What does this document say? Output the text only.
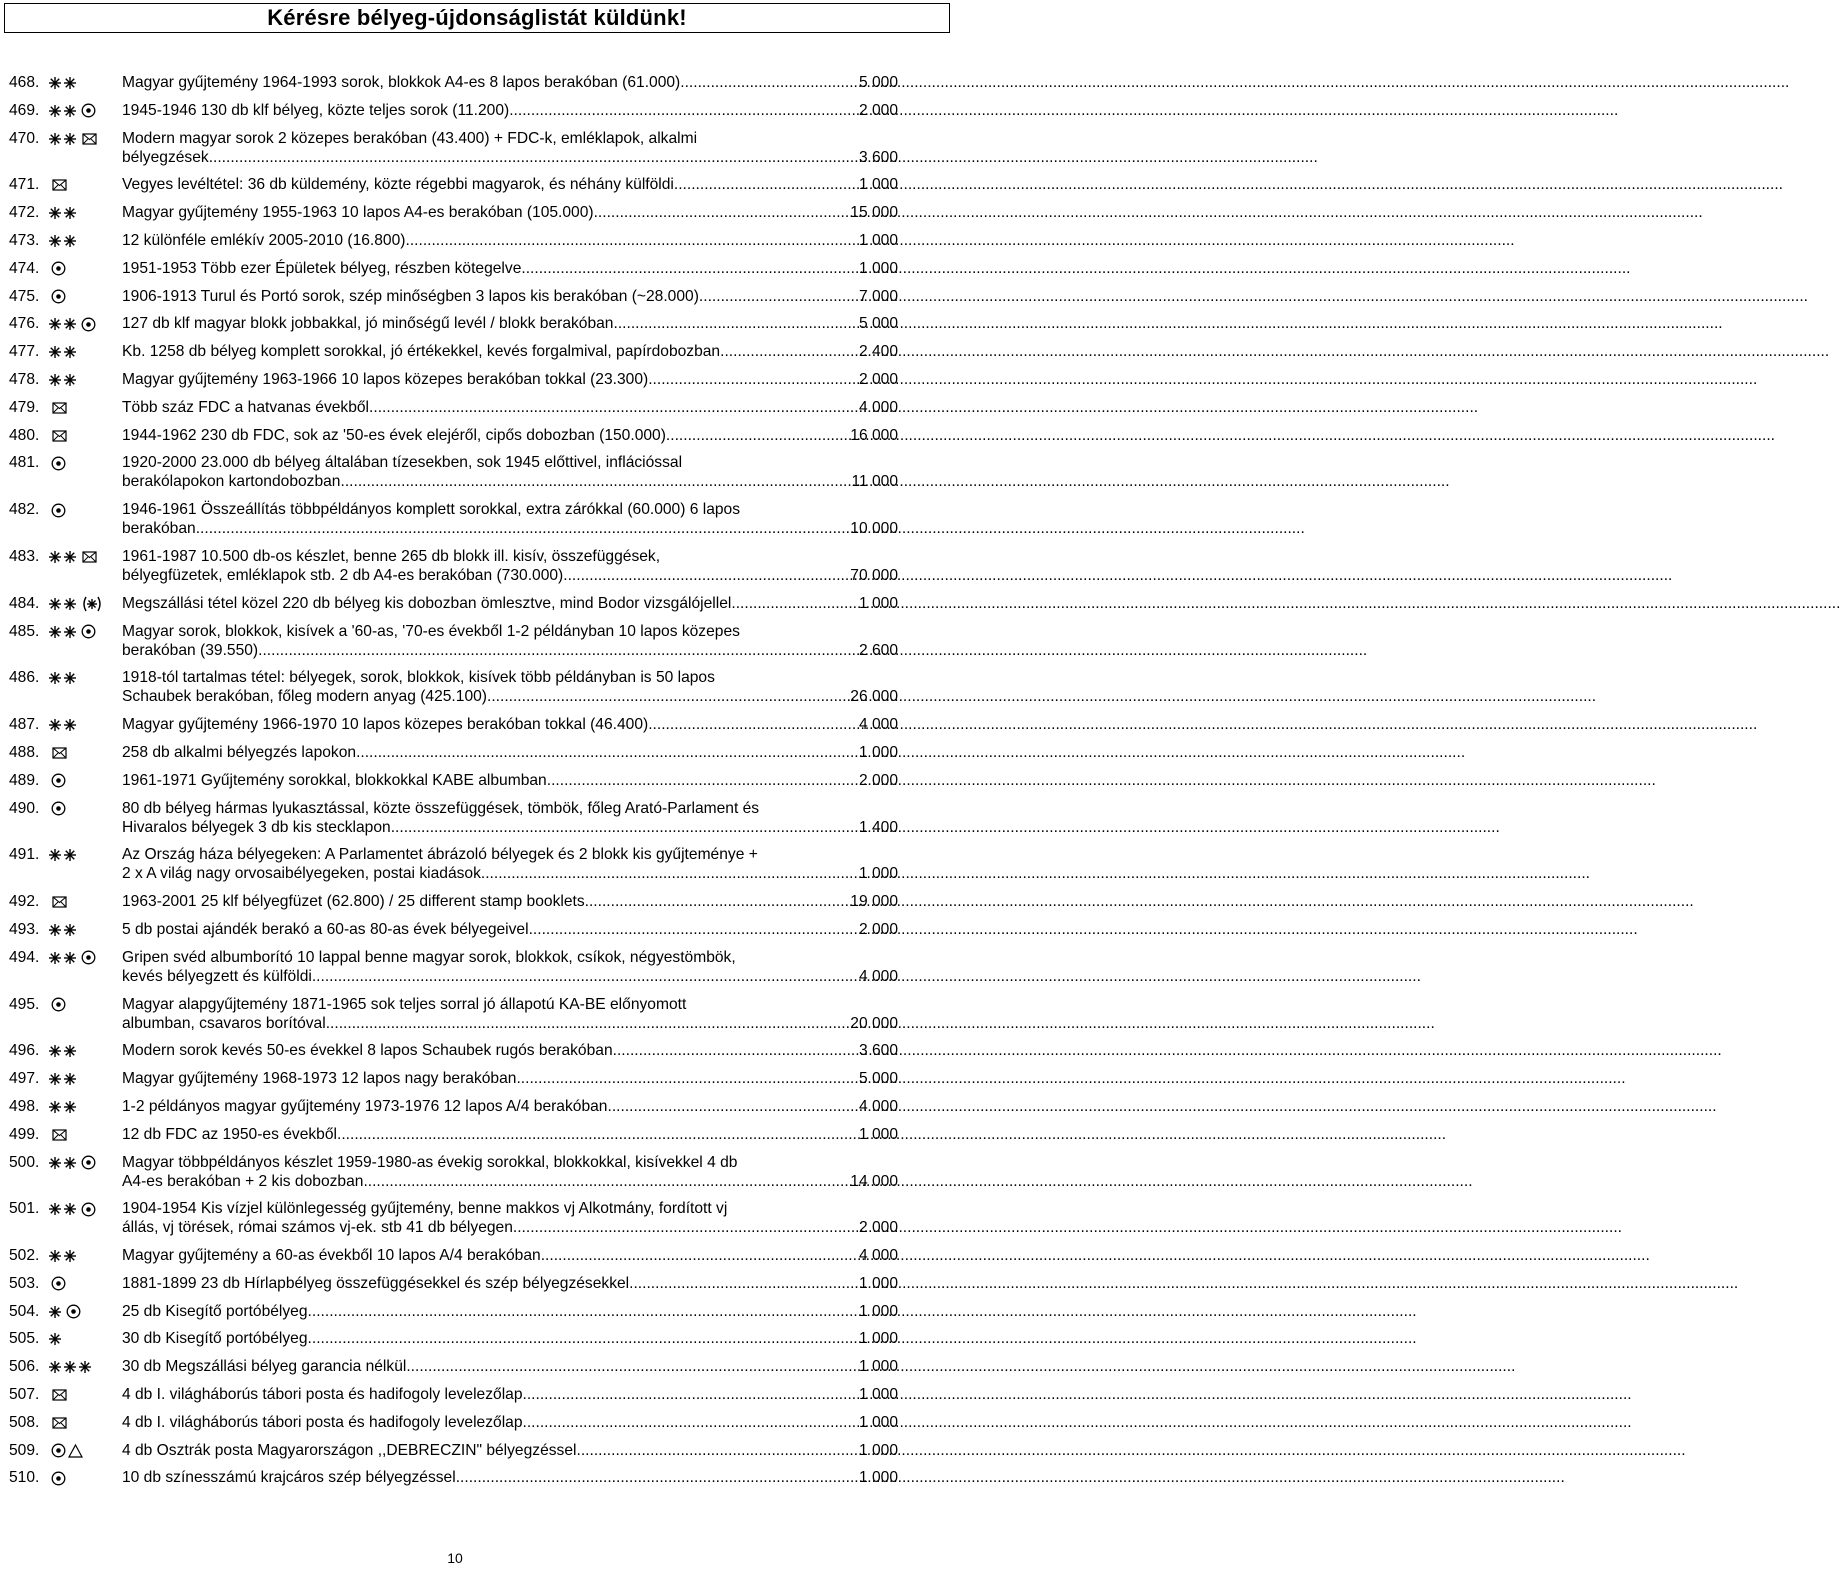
Kérésre bélyeg-újdonságlistát küldünk!
468.	Magyar gyűjtemény 1964-1993 sorok, blokkok A4-es 8 lapos berakóban (61.000) .....	5 000
469.	1945-1946 130 db klf bélyeg, közte teljes sorok (11.200) .....	2 000
470.	Modern magyar sorok 2 közepes berakóban (43.400) + FDC-k, emléklapok, alkalmi
bélyegzések .....	3 600
471.	Vegyes levéltétel: 36 db küldemény, közte régebbi magyarok, és néhány külföldi .....	1 000
472.	Magyar gyűjtemény 1955-1963 10 lapos A4-es berakóban (105.000) .....	15 000
473.	12 különféle emlékív 2005-2010 (16.800) .....	1 000
474.	1951-1953 Több ezer Épületek bélyeg, részben kötegelve .....	1 000
475.	1906-1913 Turul és Portó sorok, szép minőségben 3 lapos kis berakóban (~28.000) .....	7 000
476.	127 db klf magyar blokk jobbakkal, jó minőségű levél / blokk berakóban .....	5 000
477.	Kb. 1258 db bélyeg komplett sorokkal, jó értékekkel, kevés forgalmival, papírdobozban .....	2 400
478.	Magyar gyűjtemény 1963-1966 10 lapos közepes berakóban tokkal (23.300) .....	2 000
479.	Több száz FDC a hatvanas évekből .....	4 000
480.	1944-1962 230 db FDC, sok az '50-es évek elejéről, cipős dobozban (150.000) .....	16 000
481.	1920-2000 23.000 db bélyeg általában tízesekben, sok 1945 előttivel, inflációssal
berakólapokon kartondobozban .....	11 000
482.	1946-1961 Összeállítás többpéldányos komplett sorokkal, extra zárókkal (60.000) 6 lapos
berakóban .....	10 000
483.	1961-1987 10.500 db-os készlet, benne 265 db blokk ill. kisív, összefüggések,
bélyegfüzetek, emléklapok stb. 2 db A4-es berakóban (730.000) .....	70 000
484.	Megszállási tétel közel 220 db bélyeg kis dobozban ömlesztve, mind Bodor vizsgálójellel .....	1 000
485.	Magyar sorok, blokkok, kisívek a '60-as, '70-es évekből 1-2 példányban 10 lapos közepes
berakóban (39.550) .....	2 600
486.	1918-tól tartalmas tétel: bélyegek, sorok, blokkok, kisívek több példányban is 50 lapos
Schaubek berakóban, főleg modern anyag (425.100) .....	26 000
487.	Magyar gyűjtemény 1966-1970 10 lapos közepes berakóban tokkal (46.400) .....	4 000
488.	258 db alkalmi bélyegzés lapokon .....	1 000
489.	1961-1971 Gyűjtemény sorokkal, blokkokkal KABE albumban .....	2 000
490.	80 db bélyeg hármas lyukasztással, közte összefüggések, tömbök, főleg Arató-Parlament és
Hivaralos bélyegek 3 db kis stecklapon .....	1 400
491.	Az Ország háza bélyegeken: A Parlamentet ábrázoló bélyegek és 2 blokk kis gyűjteménye +
2 x A világ nagy orvosaibélyegeken, postai kiadások .....	1 000
492.	1963-2001 25 klf bélyegfüzet (62.800) / 25 different stamp booklets .....	19 000
493.	5 db postai ajándék berakó a 60-as 80-as évek bélyegeivel .....	2 000
494.	Gripen svéd albumborító 10 lappal benne magyar sorok, blokkok, csíkok, négyestömbök,
kevés bélyegzett és külföldi .....	4 000
495.	Magyar alapgyűjtemény 1871-1965 sok teljes sorral jó állapotú KA-BE előnyomott
albumban, csavaros borítóval .....	20 000
496.	Modern sorok kevés 50-es évekkel 8 lapos Schaubek rugós berakóban .....	3 600
497.	Magyar gyűjtemény 1968-1973 12 lapos nagy berakóban .....	5 000
498.	1-2 példányos magyar gyűjtemény 1973-1976 12 lapos A/4 berakóban .....	4 000
499.	12 db FDC az 1950-es évekből .....	1 000
500.	Magyar többpéldányos készlet 1959-1980-as évekig sorokkal, blokkokkal, kisívekkel 4 db
A4-es berakóban + 2 kis dobozban .....	14 000
501.	1904-1954 Kis vízjel különlegesség gyűjtemény, benne makkos vj Alkotmány, fordított vj
állás, vj törések, római számos vj-ek. stb 41 db bélyegen .....	2 000
502.	Magyar gyűjtemény a 60-as évekből 10 lapos A/4 berakóban .....	4 000
503.	1881-1899 23 db Hírlapbélyeg összefüggésekkel és szép bélyegzésekkel .....	1 000
504.	25 db Kisegítő portóbélyeg .....	1 000
505.	30 db Kisegítő portóbélyeg .....	1 000
506.	30 db Megszállási bélyeg garancia nélkül .....	1 000
507.	4 db I. világháborús tábori posta és hadifogoly levelezőlap .....	1 000
508.	4 db I. világháborús tábori posta és hadifogoly levelezőlap .....	1 000
509.	4 db Osztrák posta Magyarországon ,,DEBRECZIN" bélyegzéssel .....	1 000
510.	10 db színesszámú krajcáros szép bélyegzéssel .....	1 000
10
